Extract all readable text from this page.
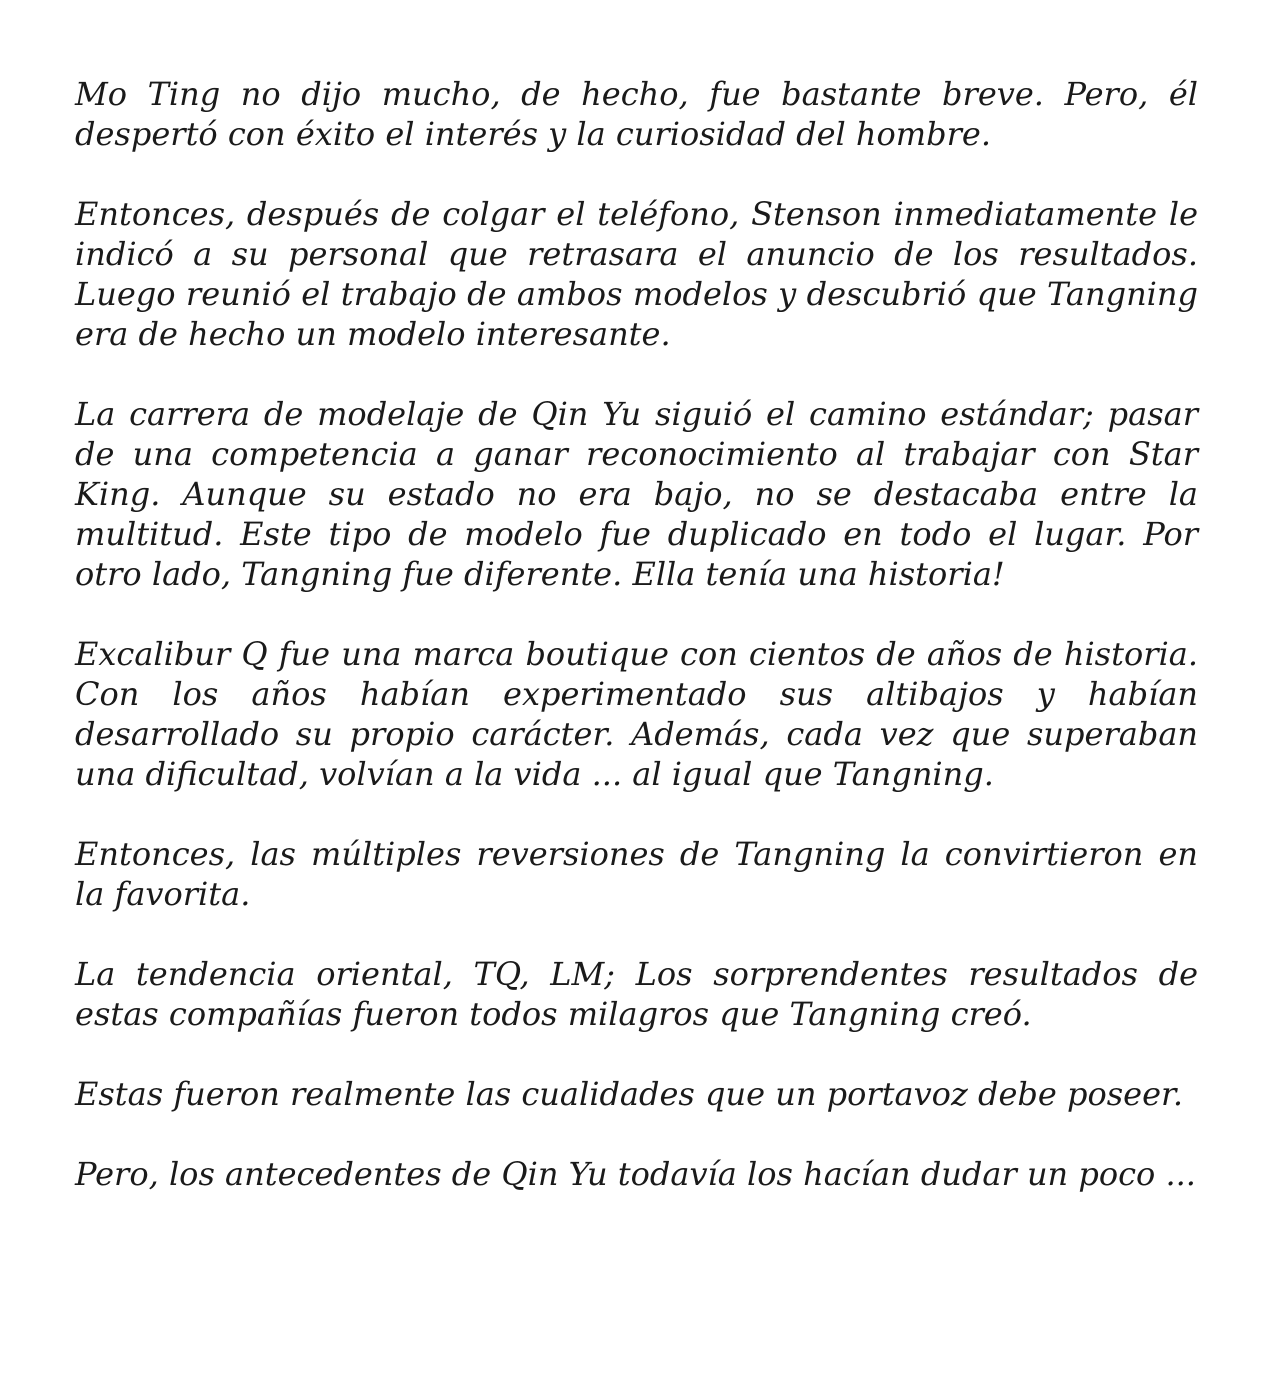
Mo Ting no dijo mucho, de hecho, fue bastante breve. Pero, él despertó con éxito el interés y la curiosidad del hombre.

Entonces, después de colgar el teléfono, Stenson inmediatamente le indicó a su personal que retrasara el anuncio de los resultados. Luego reunió el trabajo de ambos modelos y descubrió que Tangning era de hecho un modelo interesante.

La carrera de modelaje de Qin Yu siguió el camino estándar; pasar de una competencia a ganar reconocimiento al trabajar con Star King. Aunque su estado no era bajo, no se destacaba entre la multitud. Este tipo de modelo fue duplicado en todo el lugar. Por otro lado, Tangning fue diferente. Ella tenía una historia!

Excalibur Q fue una marca boutique con cientos de años de historia. Con los años habían experimentado sus altibajos y habían desarrollado su propio carácter. Además, cada vez que superaban una dificultad, volvían a la vida ... al igual que Tangning.

Entonces, las múltiples reversiones de Tangning la convirtieron en la favorita.

La tendencia oriental, TQ, LM; Los sorprendentes resultados de estas compañías fueron todos milagros que Tangning creó.

Estas fueron realmente las cualidades que un portavoz debe poseer.

Pero, los antecedentes de Qin Yu todavía los hacían dudar un poco ...
